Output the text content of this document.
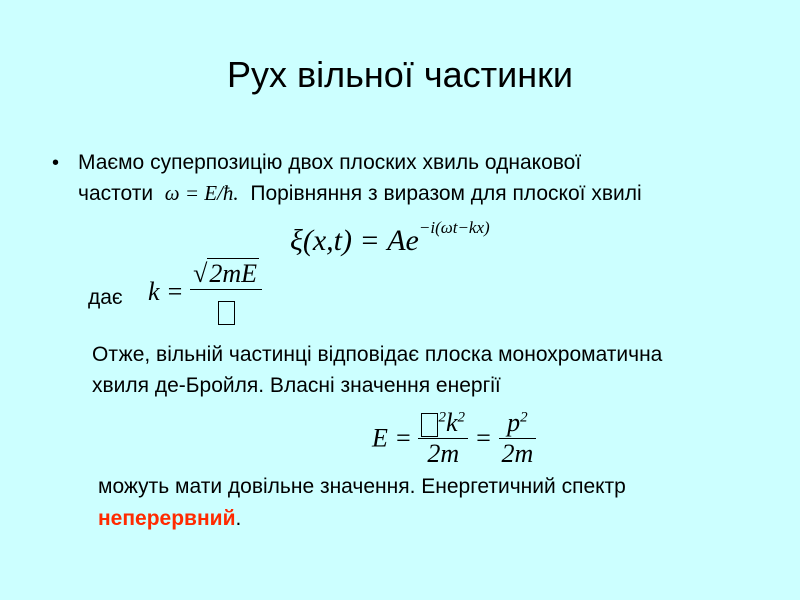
Рух вільної частинки
• Маємо суперпозицію двох плоских хвиль однакової
частоти ω = E/ħ. Порівняння з виразом для плоскої хвилі
$\xi(x,t) = Ae^{-i(\omega t-kx)}$
дає k =
√2mE
Отже, вільній частинці відповідає плоска монохроматична
хвиля де-Бройля. Власні значення енергії
$E = \frac{^2k^2}{2m} = \frac{p^2}{2m}$
можуть мати довільне значення. Енергетичний спектр
неперервний.
